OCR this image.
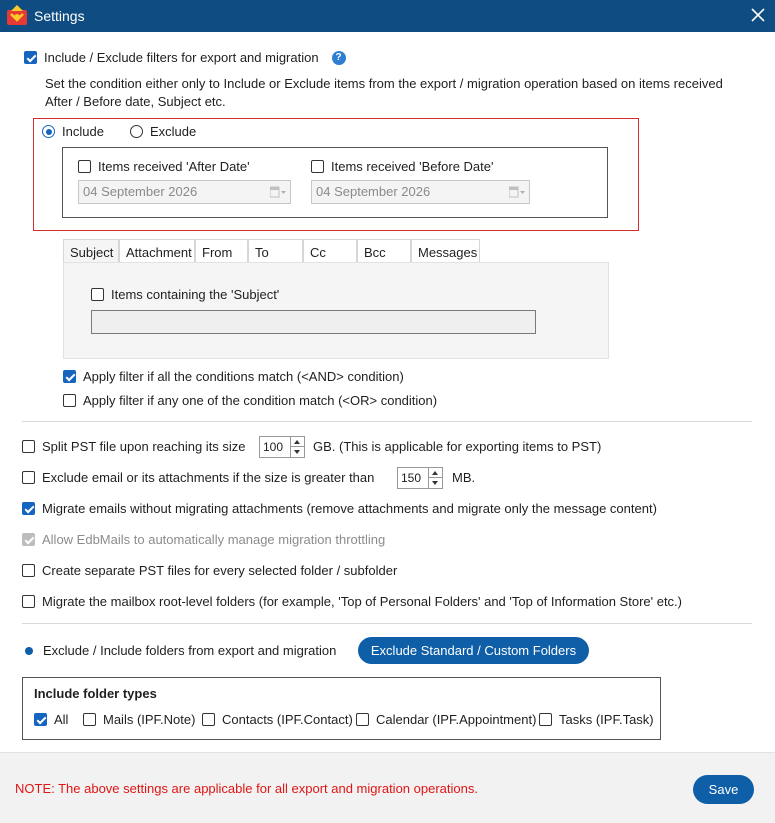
Settings
Include / Exclude filters for export and migration	?
Set the condition either only to Include or Exclude items from the export / migration operation based on items received
After / Before date, Subject etc.
Include	Exclude
Items received 'After Date'
04 September 2026
Items received 'Before Date'
04 September 2026
Subject Attachment From	To	Cc	Bcc	Messages
Items containing the 'Subject'
Apply filter if all the conditions match (<AND> condition)
Apply filter if any one of the condition match (<OR> condition)
Split PST file upon reaching its size 100 GB. (This is applicable for exporting items to PST)
Exclude email or its attachments if the size is greater than 150 MB.
Migrate emails without migrating attachments (remove attachments and migrate only the message content)
Allow EdbMails to automatically manage migration throttling
Create separate PST files for every selected folder / subfolder
Migrate the mailbox root-level folders (for example, 'Top of Personal Folders' and 'Top of Information Store' etc.)
Exclude / Include folders from export and migration	Exclude Standard / Custom Folders
Include folder types
All	Mails (IPF.Note) Contacts (IPF.Contact) Calendar (IPF.Appointment) Tasks (IPF.Task)
NOTE: The above settings are applicable for all export and migration operations.	Save
